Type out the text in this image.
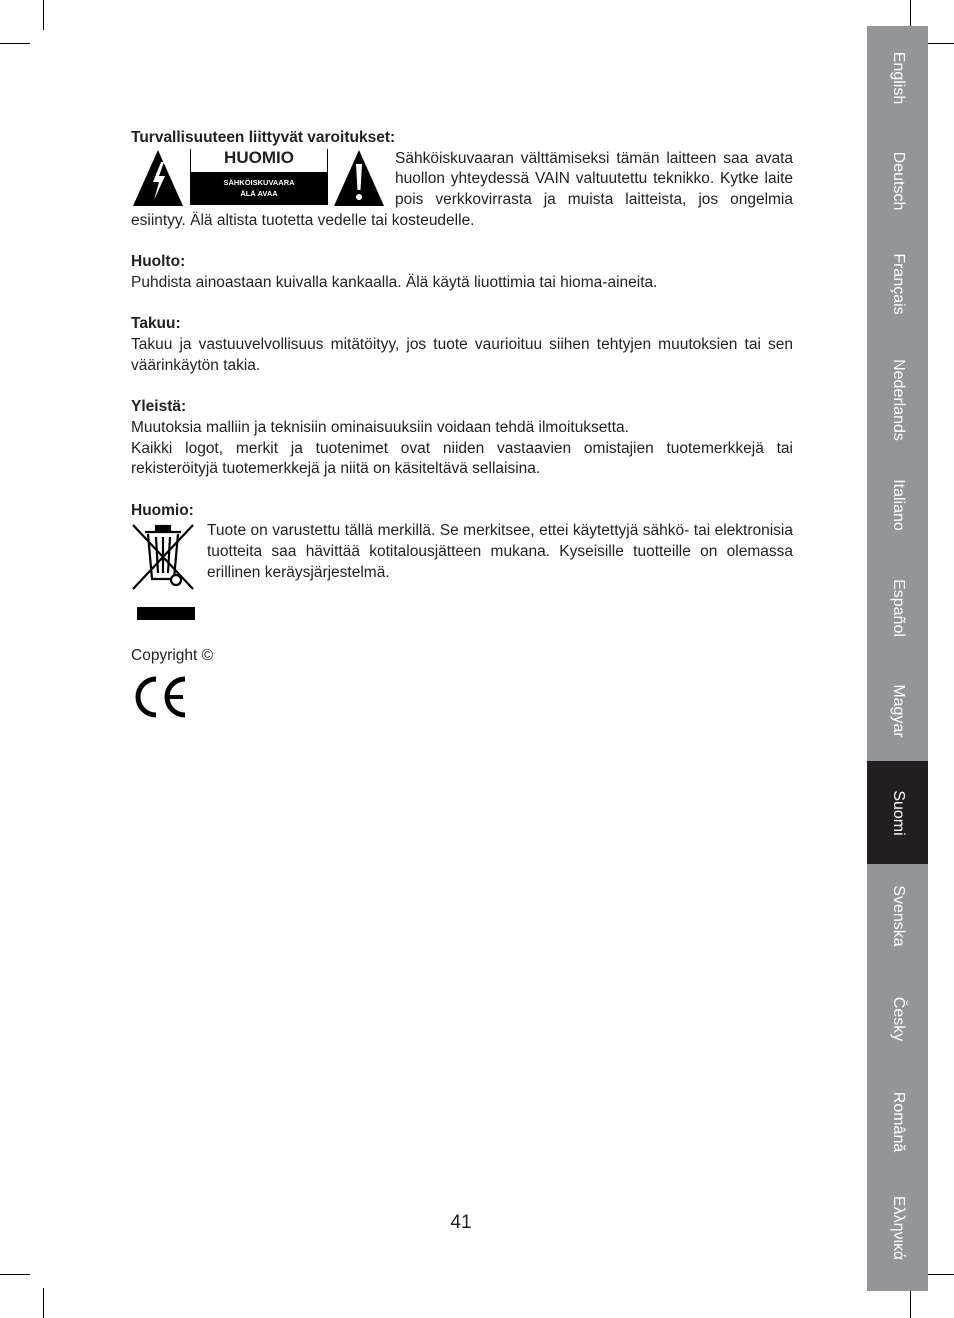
Turvallisuuteen liittyvät varoitukset:

HUOMIO
SÄHKÖISKUVAARA
ÄLÄ AVAA

Sähköiskuvaaran välttämiseksi tämän laitteen saa avata huollon yhteydessä VAIN valtuutettu teknikko. Kytke laite pois verkkovirrasta ja muista laitteista, jos ongelmia esiintyy. Älä altista tuotetta vedelle tai kosteudelle.

Huolto:

Puhdista ainoastaan kuivalla kankaalla. Älä käytä liuottimia tai hioma-aineita.

Takuu:

Takuu ja vastuuvelvollisuus mitätöityy, jos tuote vaurioituu siihen tehtyjen muutoksien tai sen väärinkäytön takia.

Yleistä:

Muutoksia malliin ja teknisiin ominaisuuksiin voidaan tehdä ilmoituksetta.

Kaikki logot, merkit ja tuotenimet ovat niiden vastaavien omistajien tuotemerkkejä tai rekisteröityjä tuotemerkkejä ja niitä on käsiteltävä sellaisina.

Huomio:

Tuote on varustettu tällä merkillä. Se merkitsee, ettei käytettyjä sähkö- tai elektronisia tuotteita saa hävittää kotitalousjätteen mukana. Kyseisille tuotteille on olemassa erillinen keräysjärjestelmä.

Copyright ©

41
English
Deutsch
Français
Nederlands
Italiano
Español
Magyar
Suomi
Svenska
Česky
Română
Ελληνικά
